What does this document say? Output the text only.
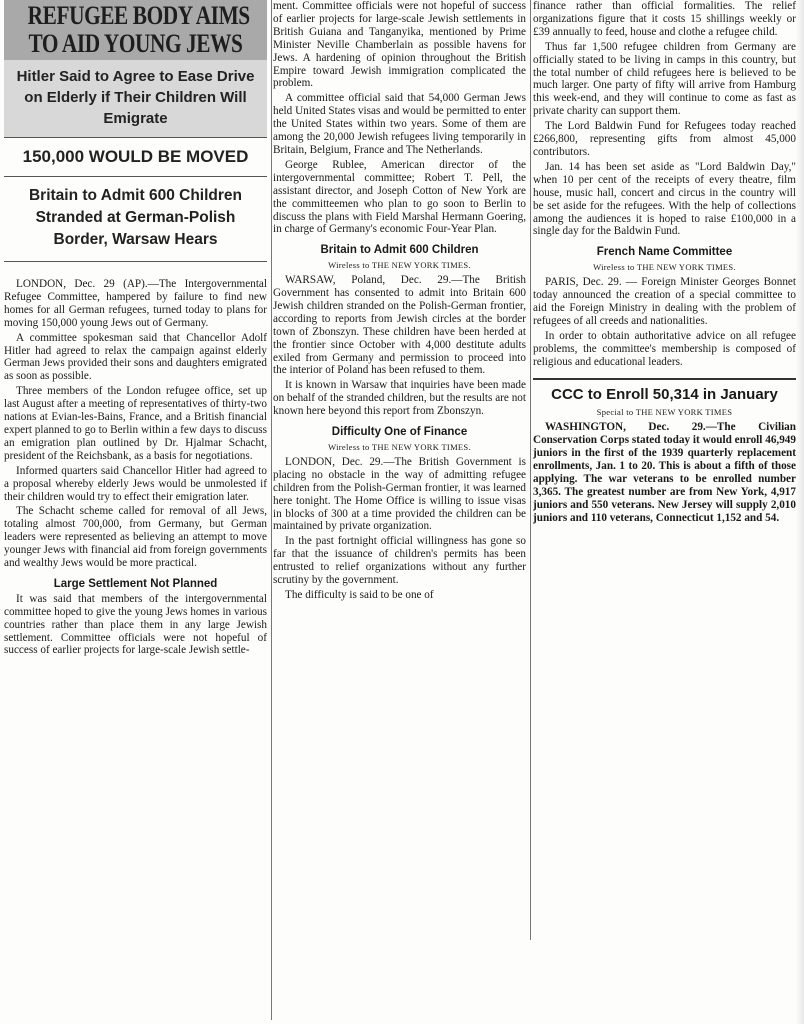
REFUGEE BODY AIMS
TO AID YOUNG JEWS
Hitler Said to Agree to Ease Drive on Elderly if Their Children Will Emigrate
150,000 WOULD BE MOVED
Britain to Admit 600 Children Stranded at German-Polish Border, Warsaw Hears

LONDON, Dec. 29 (AP).—The Intergovernmental Refugee Committee, hampered by failure to find new homes for all German refugees, turned today to plans for moving 150,000 young Jews out of Germany.

A committee spokesman said that Chancellor Adolf Hitler had agreed to relax the campaign against elderly German Jews provided their sons and daughters emigrated as soon as possible.

Three members of the London refugee office, set up last August after a meeting of representatives of thirty-two nations at Evian-les-Bains, France, and a British financial expert planned to go to Berlin within a few days to discuss an emigration plan outlined by Dr. Hjalmar Schacht, president of the Reichsbank, as a basis for negotiations.

Informed quarters said Chancellor Hitler had agreed to a proposal whereby elderly Jews would be unmolested if their children would try to effect their emigration later.

The Schacht scheme called for removal of all Jews, totaling almost 700,000, from Germany, but German leaders were represented as believing an attempt to move younger Jews with financial aid from foreign governments and wealthy Jews would be more practical.

Large Settlement Not Planned

It was said that members of the intergovernmental committee hoped to give the young Jews homes in various countries rather than place them in any large Jewish settlement. Committee officials were not hopeful of success of earlier projects for large-scale Jewish settle-

ment. Committee officials were not hopeful of success of earlier projects for large-scale Jewish settlements in British Guiana and Tanganyika, mentioned by Prime Minister Neville Chamberlain as possible havens for Jews. A hardening of opinion throughout the British Empire toward Jewish immigration complicated the problem.

A committee official said that 54,000 German Jews held United States visas and would be permitted to enter the United States within two years. Some of them are among the 20,000 Jewish refugees living temporarily in Britain, Belgium, France and The Netherlands.

George Rublee, American director of the intergovernmental committee; Robert T. Pell, the assistant director, and Joseph Cotton of New York are the committeemen who plan to go soon to Berlin to discuss the plans with Field Marshal Hermann Goering, in charge of Germany's economic Four-Year Plan.

Britain to Admit 600 Children
Wireless to THE NEW YORK TIMES.

WARSAW, Poland, Dec. 29.—The British Government has consented to admit into Britain 600 Jewish children stranded on the Polish-German frontier, according to reports from Jewish circles at the border town of Zbonszyn. These children have been herded at the frontier since October with 4,000 destitute adults exiled from Germany and permission to proceed into the interior of Poland has been refused to them.

It is known in Warsaw that inquiries have been made on behalf of the stranded children, but the results are not known here beyond this report from Zbonszyn.

Difficulty One of Finance
Wireless to THE NEW YORK TIMES.

LONDON, Dec. 29.—The British Government is placing no obstacle in the way of admitting refugee children from the Polish-German frontier, it was learned here tonight. The Home Office is willing to issue visas in blocks of 300 at a time provided the children can be maintained by private organization.

In the past fortnight official willingness has gone so far that the issuance of children's permits has been entrusted to relief organizations without any further scrutiny by the government.

The difficulty is said to be one of

finance rather than official formalities. The relief organizations figure that it costs 15 shillings weekly or £39 annually to feed, house and clothe a refugee child.

Thus far 1,500 refugee children from Germany are officially stated to be living in camps in this country, but the total number of child refugees here is believed to be much larger. One party of fifty will arrive from Hamburg this week-end, and they will continue to come as fast as private charity can support them.

The Lord Baldwin Fund for Refugees today reached £266,800, representing gifts from almost 45,000 contributors.

Jan. 14 has been set aside as "Lord Baldwin Day," when 10 per cent of the receipts of every theatre, film house, music hall, concert and circus in the country will be set aside for the refugees. With the help of collections among the audiences it is hoped to raise £100,000 in a single day for the Baldwin Fund.

French Name Committee
Wireless to THE NEW YORK TIMES.

PARIS, Dec. 29. — Foreign Minister Georges Bonnet today announced the creation of a special committee to aid the Foreign Ministry in dealing with the problem of refugees of all creeds and nationalities.

In order to obtain authoritative advice on all refugee problems, the committee's membership is composed of religious and educational leaders.

CCC to Enroll 50,314 in January
Special to THE NEW YORK TIMES

WASHINGTON, Dec. 29.—The Civilian Conservation Corps stated today it would enroll 46,949 juniors in the first of the 1939 quarterly replacement enrollments, Jan. 1 to 20. This is about a fifth of those applying. The war veterans to be enrolled number 3,365. The greatest number are from New York, 4,917 juniors and 550 veterans. New Jersey will supply 2,010 juniors and 110 veterans, Connecticut 1,152 and 54.
